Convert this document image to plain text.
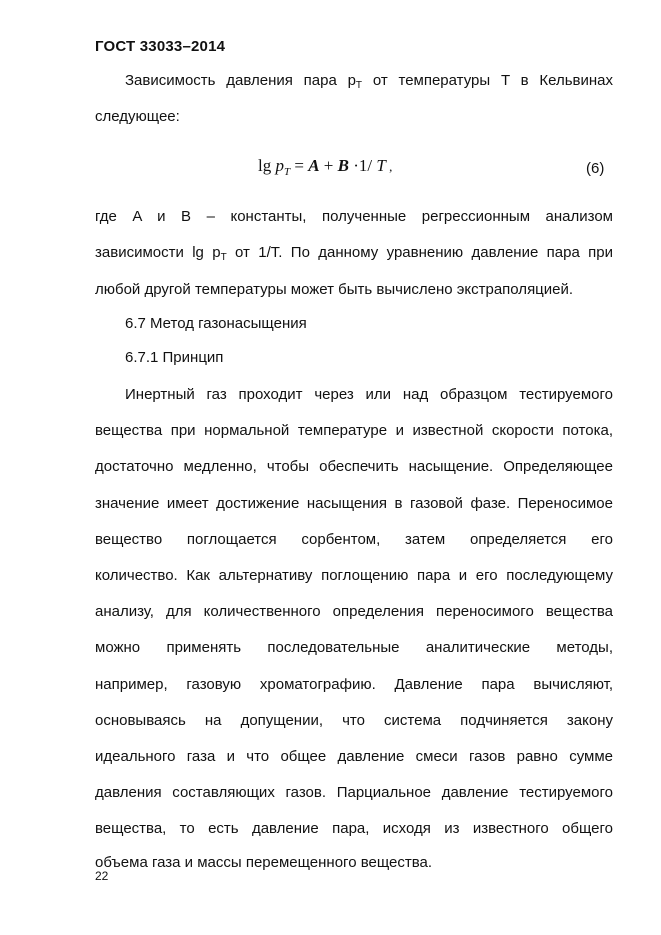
ГОСТ 33033–2014
Зависимость давления пара $p_T$ от температуры T в Кельвинах
следующее:
$\lg p_T = A + B \cdot 1/$ T ,	(6)
где A и B – константы, полученные регрессионным анализом
зависимости $\lg p_T$ от 1/T. По данному уравнению давление пара при
любой другой температуры может быть вычислено экстраполяцией.
6.7 Метод газонасыщения
6.7.1 Принцип
Инертный газ проходит через или над образцом тестируемого
вещества при нормальной температуре и известной скорости потока,
достаточно медленно, чтобы обеспечить насыщение. Определяющее
значение имеет достижение насыщения в газовой фазе. Переносимое
вещество поглощается сорбентом, затем определяется его
количество. Как альтернативу поглощению пара и его последующему
анализу, для количественного определения переносимого вещества
можно применять последовательные аналитические методы,
например, газовую хроматографию. Давление пара вычисляют,
основываясь на допущении, что система подчиняется закону
идеального газа и что общее давление смеси газов равно сумме
давления составляющих газов. Парциальное давление тестируемого
вещества, то есть давление пара, исходя из известного общего
объема газа и массы перемещенного вещества.
22
